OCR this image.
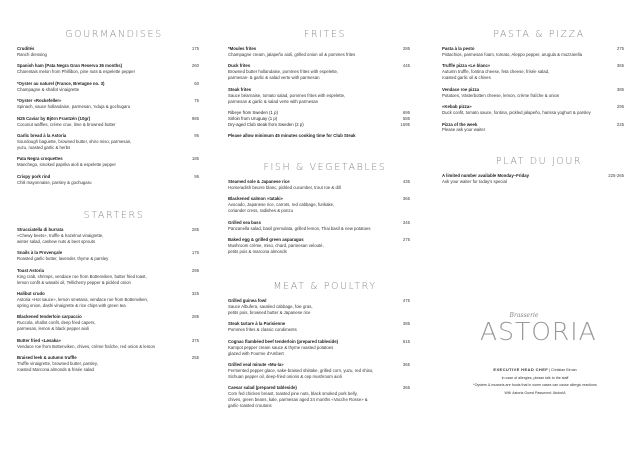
GOURMANDISES
Crudités	175
Ranch dressing
Spanish ham (Pata Negra Gran Reserva 36 months)	260
Charentais melon from Phillibon, pine nuts & espelette pepper
*Oyster au naturel (France, Bretagne no. 3)	60
Champagne & shallot vinaigrette
*Oyster «Rockefeller»	75
Spinach, sauce hollandaise, parmesan, 'nduja & gochugaru
N25 Caviar by Björn Frantzén (10gr)	985
Coconut waffles, crème crue, lime & browned butter
Garlic bread à la Astoria	95
Sourdough baguette, browned butter, shiro miso, parmesan,
yuzu, roasted garlic & herbs
Pata Negra croquettes	185
Manchego, smoked paprika aioli & espelette pepper
Crispy pork rind	95
Chili mayonnaise, parsley & gochugaru
STARTERS
Stracciatella di burrata	285
«Chewy beets», truffle & hazelnut vinaigrette,
winter salad, cashew nuts & beet sprouts
Snails à la Provençale	175
Roasted garlic butter, lavender, thyme & parsley
Toast Astoria	295
King crab, shrimps, vendace roe from Bottenviken, butter fried toast,
lemon confit & wasabi oil, Tellicherry pepper & pickled onion
Halibut crudo	325
Astoria «Hot sauce», lemon smetana, vendace roe from Bottenviken,
spring onion, dashi vinaigrette & rice chips with green tea
Blackened tenderloin carpaccio	285
Ruccola, shallot confit, deep fried capers,
parmesan, lemon & black pepper aioli
Butter fried «Løsaka»	375
Vendace roe from Bottenviken, chives, crème fraîche, red onion & lemon
Braised leek & autumn truffle	255
Truffle vinaigrette, browned butter, parsley,
roasted Marcona almonds & frisée salad
FRITES
*Moules frites	285
Champagne cream, jalapeño aioli, grilled onion oil & pommes frites
Duck frites	445
Browned butter hollandaise, pommes frites with espelette,
parmesan- & garlic & salad verte with parmesan
Steak frites
Sauce béarnaise, tomato salad, pommes frites with espelette,
parmesan & garlic & salad verte with parmesan
Ribeye from Sweden (1 p)	695
Sirloin from Uruguay (1 p)	585
Dry-aged Club steak from Sweden (2 p)	1595
Please allow minimum 45 minutes cooking time for Club Steak
FISH & VEGETABLES
Steamed sole & Japanese rice	435
Horseradish beurre blanc, pickled cucumber, trout roe & dill
Blackened salmon «tataki»	365
Avocado, Japanese rice, carrots, red cabbage, furikake,
coriander cress, radishes & ponzu
Grilled sea bass	345
Panzanella salad, basil gremolata, grilled lemon, Thai basil & new potatoes
Baked egg & grilled green asparagus	275
Mushroom crème, miso, chard, parmesan velouté,
petits pois & marcona almonds
MEAT & POULTRY
Grilled guinea fowl	475
Sauce Albufera, sautéed cabbage, foie gras,
petits pois, browned butter & Japanese rice
Steak tartare à la Parisienne	385
Pommes frites & classic condiments
Cognac flambéed beef tenderloin (prepared tableside)	615
Kampot pepper cream sauce & thyme roasted potatoes
glazed with Fourme d'Ambert
Grilled veal minute «Mu-la»	365
Fermented pepper glace, sake-braised shiitake, grilled corn, yuzu, red shiso,
Sichuan pepper oil, deep-fried onions & cep mushroom aioli
Caesar salad (prepared tableside)	365
Corn fed chicken breast, toasted pine nuts, black smoked pork belly,
chives, green beans, kale, parmesan aged 24 months «Vacche Rosse» &
garlic-roasted croutons
PASTA & PIZZA
Pasta à la pesto	275
Pistachios, parmesan foam, tomato, Aleppo pepper, arugula & mozzarella
Truffle pizza «Le blanc»	365
Autumn truffle, fontina cheese, feta cheese, frisée salad,
roasted garlic oil & chives
Vendace roe pizza	385
Potatoes, Västerbotten cheese, lemon, crème fraîche & onion
«Kebab pizza»	295
Duck confit, tomato sauce, fontina, pickled jalapeño, harissa yoghurt & parsley
Pizza of the week	225
Please ask your waiter
PLAT DU JOUR
A limited number available Monday–Friday	225-265
Ask your waiter for today's special
Brasserie
ASTORIA
EXECUTIVE HEAD CHEF | Christian Eirnan
In case of allergies, please talk to the staff
*Oysters & mussels are foods that in some cases can cause allergic reactions
Wifi: Astoria Guest Password: IAstorIA
